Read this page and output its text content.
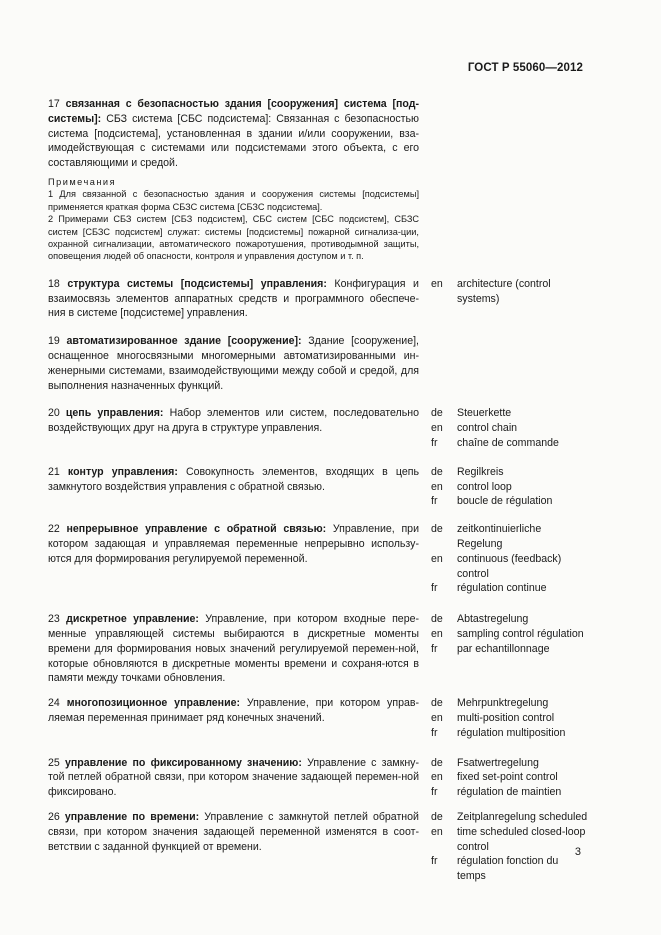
ГОСТ Р 55060—2012
17 связанная с безопасностью здания [сооружения] система [под-системы]: СБЗ система [СБС подсистема]: Связанная с безопасностью система [подсистема], установленная в здании и/или сооружении, вза-имодействующая с системами или подсистемами этого объекта, с его составляющими и средой.
Примечания
1 Для связанной с безопасностью здания и сооружения системы [подсистемы] применяется краткая форма СБЗС система [СБЗС подсистема].
2 Примерами СБЗ систем [СБЗ подсистем], СБС систем [СБС подсистем], СБЗС систем [СБЗС подсистем] служат: системы [подсистемы] пожарной сигнализа-ции, охранной сигнализации, автоматического пожаротушения, противодымной защиты, оповещения людей об опасности, контроля и управления доступом и т. п.
18 структура системы [подсистемы] управления: Конфигурация и взаимосвязь элементов аппаратных средств и программного обеспече-ния в системе [подсистеме] управления.
en	architecture (control systems)
19 автоматизированное здание [сооружение]: Здание [сооружение], оснащенное многосвязными многомерными автоматизированными ин-женерными системами, взаимодействующими между собой и средой, для выполнения назначенных функций.
20 цепь управления: Набор элементов или систем, последовательно воздействующих друг на друга в структуре управления.
de	Steuerkette
en	control chain
fr	chaîne de commande
21 контур управления: Совокупность элементов, входящих в цепь замкнутого воздействия управления с обратной связью.
de	Regilkreis
en	control loop
fr	boucle de régulation
22 непрерывное управление с обратной связью: Управление, при котором задающая и управляемая переменные непрерывно использу-ются для формирования регулируемой переменной.
de	zeitkontinuierliche Regelung
en	continuous (feedback) control
fr	régulation continue
23 дискретное управление: Управление, при котором входные пере-менные управляющей системы выбираются в дискретные моменты времени для формирования новых значений регулируемой перемен-ной, которые обновляются в дискретные моменты времени и сохраня-ются в памяти между точками обновления.
de	Abtastregelung
en	sampling control régulation
fr	par echantillonnage
24 многопозиционное управление: Управление, при котором управ-ляемая переменная принимает ряд конечных значений.
de	Mehrpunktregelung
en	multi-position control
fr	régulation multiposition
25 управление по фиксированному значению: Управление с замкну-той петлей обратной связи, при котором значение задающей перемен-ной фиксировано.
de	Fsatwertregelung
en	fixed set-point control
fr	régulation de maintien
26 управление по времени: Управление с замкнутой петлей обратной связи, при котором значения задающей переменной изменятся в соот-ветствии с заданной функцией от времени.
de	Zeitplanregelung scheduled
en	time scheduled closed-loop control
fr	régulation fonction du temps
3
